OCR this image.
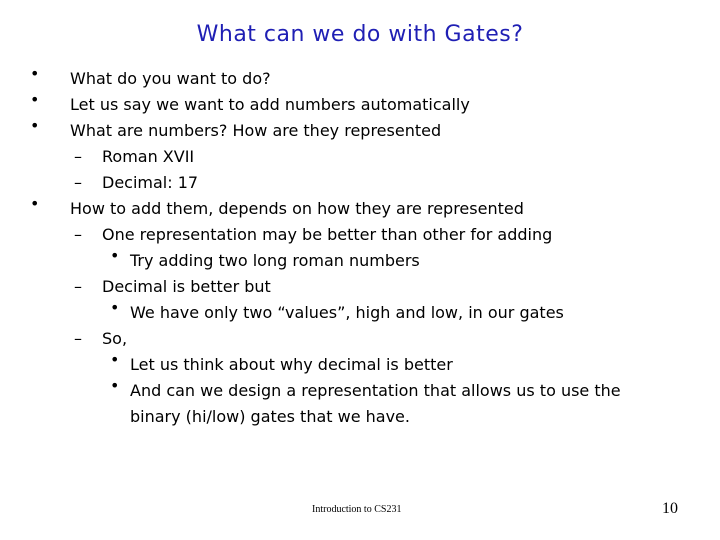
What can we do with Gates?
• What do you want to do?
• Let us say we want to add numbers automatically
• What are numbers? How are they represented
– Roman XVII
– Decimal: 17
• How to add them, depends on how they are represented
– One representation may be better than other for adding
• Try adding two long roman numbers
– Decimal is better but
• We have only two “values”, high and low, in our gates
– So,
• Let us think about why decimal is better
• And can we design a representation that allows us to use the
binary (hi/low) gates that we have.
Introduction to CS231	10
